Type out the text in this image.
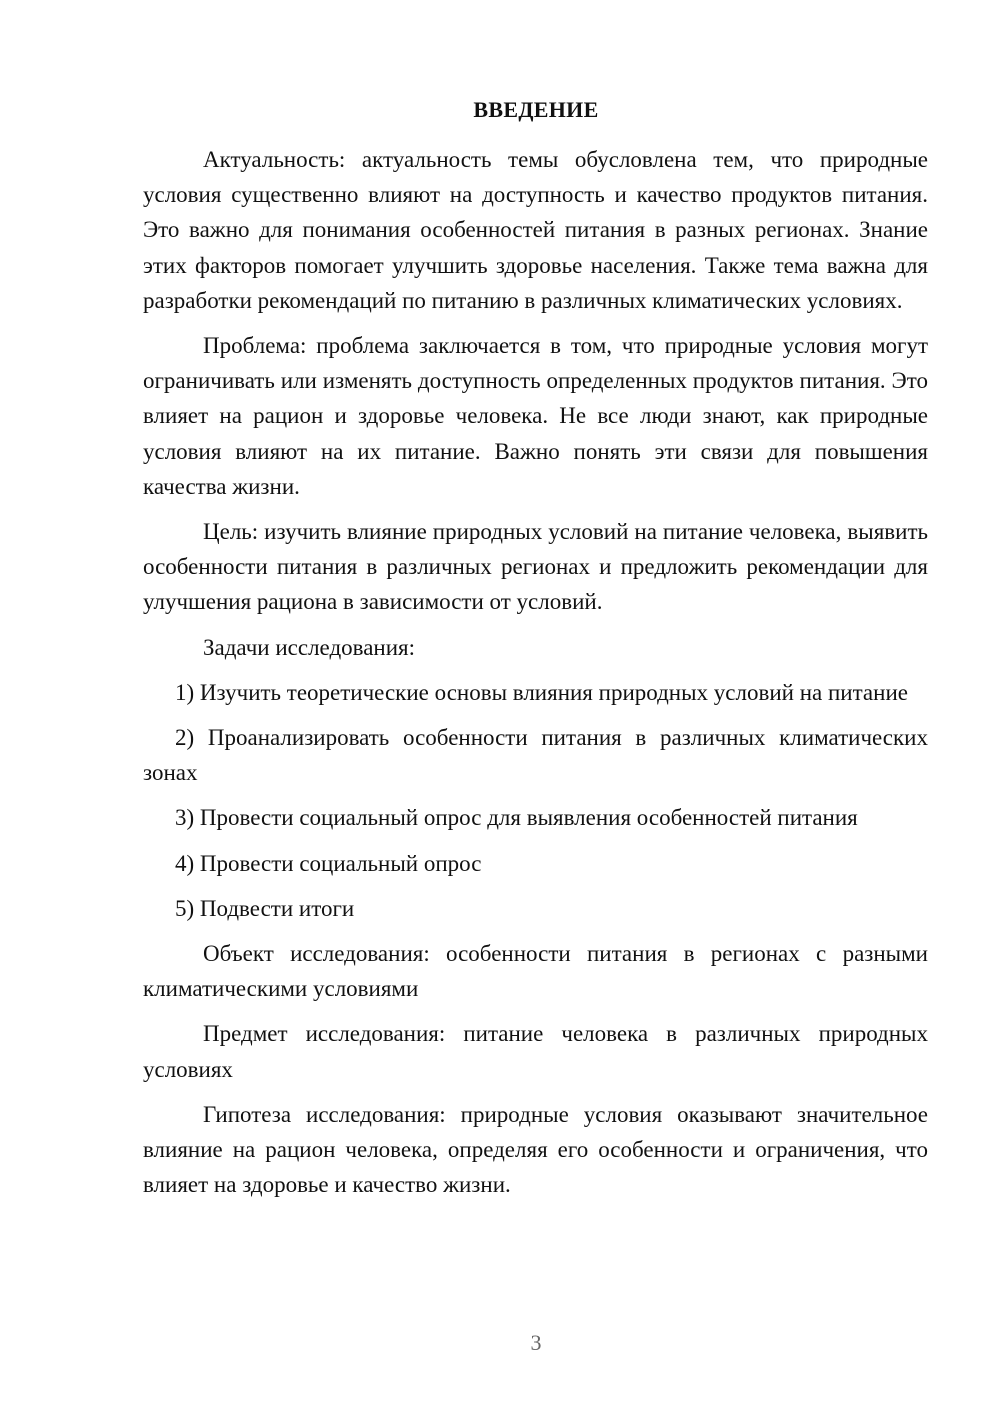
ВВЕДЕНИЕ

Актуальность: актуальность темы обусловлена тем, что природные условия существенно влияют на доступность и качество продуктов питания. Это важно для понимания особенностей питания в разных регионах. Знание этих факторов помогает улучшить здоровье населения. Также тема важна для разработки рекомендаций по питанию в различных климатических условиях.

Проблема: проблема заключается в том, что природные условия могут ограничивать или изменять доступность определенных продуктов питания. Это влияет на рацион и здоровье человека. Не все люди знают, как природные условия влияют на их питание. Важно понять эти связи для повышения качества жизни.

Цель: изучить влияние природных условий на питание человека, выявить особенности питания в различных регионах и предложить рекомендации для улучшения рациона в зависимости от условий.

Задачи исследования:

1) Изучить теоретические основы влияния природных условий на питание

2) Проанализировать особенности питания в различных климатических зонах

3) Провести социальный опрос для выявления особенностей питания

4) Провести социальный опрос

5) Подвести итоги

Объект исследования: особенности питания в регионах с разными климатическими условиями

Предмет исследования: питание человека в различных природных условиях

Гипотеза исследования: природные условия оказывают значительное влияние на рацион человека, определяя его особенности и ограничения, что влияет на здоровье и качество жизни.

3
